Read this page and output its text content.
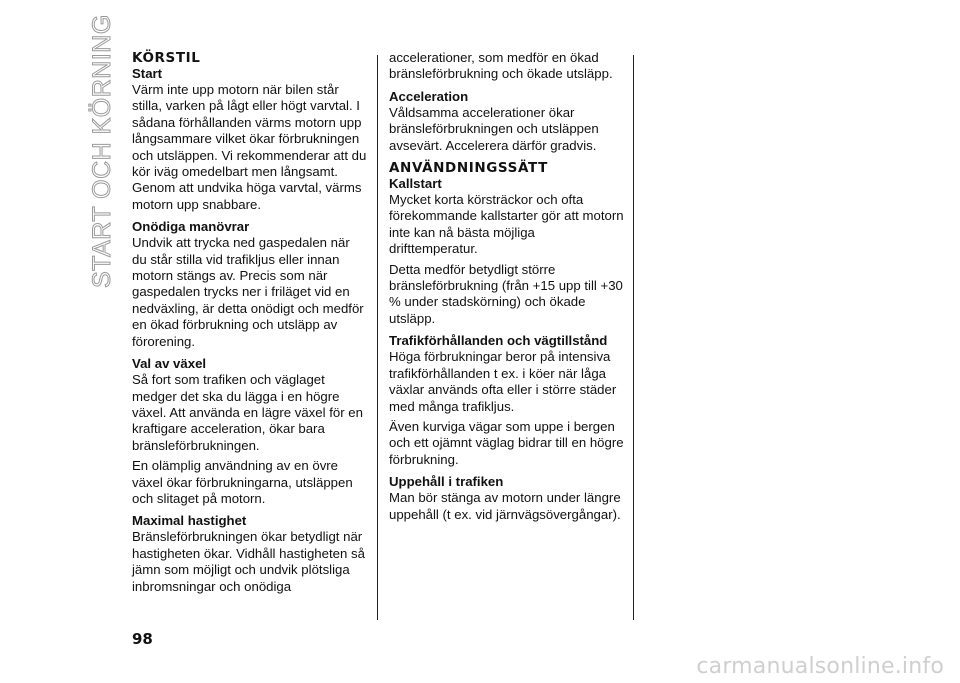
START OCH KÖRNING KÖRSTIL
Start

Värm inte upp motorn när bilen står stilla, varken på lågt eller högt varvtal. I sådana förhållanden värms motorn upp långsammare vilket ökar förbrukningen och utsläppen. Vi rekommenderar att du kör iväg omedelbart men långsamt. Genom att undvika höga varvtal, värms motorn upp snabbare.

Onödiga manövrar

Undvik att trycka ned gaspedalen när du står stilla vid trafikljus eller innan motorn stängs av. Precis som när gaspedalen trycks ner i friläget vid en nedväxling, är detta onödigt och medför en ökad förbrukning och utsläpp av förorening.

Val av växel

Så fort som trafiken och väglaget medger det ska du lägga i en högre växel. Att använda en lägre växel för en kraftigare acceleration, ökar bara bränsleförbrukningen.

En olämplig användning av en övre växel ökar förbrukningarna, utsläppen och slitaget på motorn.

Maximal hastighet

Bränsleförbrukningen ökar betydligt när hastigheten ökar. Vidhåll hastigheten så jämn som möjligt och undvik plötsliga inbromsningar och onödiga

accelerationer, som medför en ökad bränsleförbrukning och ökade utsläpp.

Acceleration

Våldsamma accelerationer ökar bränsleförbrukningen och utsläppen avsevärt. Accelerera därför gradvis.

ANVÄNDNINGSSÄTT
Kallstart

Mycket korta körsträckor och ofta förekommande kallstarter gör att motorn inte kan nå bästa möjliga drifttemperatur.

Detta medför betydligt större bränsleförbrukning (från +15 upp till +30 % under stadskörning) och ökade utsläpp.

Trafikförhållanden och vägtillstånd

Höga förbrukningar beror på intensiva trafikförhållanden t ex. i köer när låga växlar används ofta eller i större städer med många trafikljus.

Även kurviga vägar som uppe i bergen och ett ojämnt väglag bidrar till en högre förbrukning.

Uppehåll i trafiken

Man bör stänga av motorn under längre uppehåll (t ex. vid järnvägsövergångar).

98
carmanualsonline.info
